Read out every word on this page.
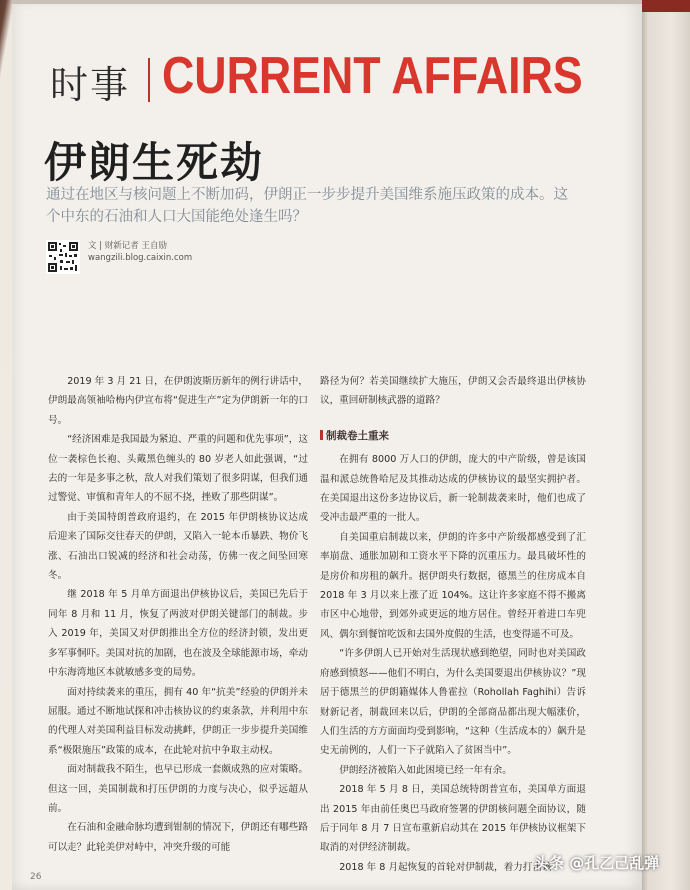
时事 CURRENT AFFAIRS
伊朗生死劫
通过在地区与核问题上不断加码，伊朗正一步步提升美国维系施压政策的成本。这个中东的石油和人口大国能绝处逢生吗？
文 | 财新记者 王自励
wangzili.blog.caixin.com

2019 年 3 月 21 日，在伊朗波斯历新年的例行讲话中，伊朗最高领袖哈梅内伊宣布将“促进生产”定为伊朗新一年的口号。

“经济困难是我国最为紧迫、严重的问题和优先事项”，这位一袭棕色长袍、头戴黑色缠头的 80 岁老人如此强调，“过去的一年是多事之秋，敌人对我们策划了很多阴谋，但我们通过警觉、审慎和青年人的不屈不挠，挫败了那些阴谋”。

由于美国特朗普政府退约，在 2015 年伊朗核协议达成后迎来了国际交往春天的伊朗，又陷入一轮本币暴跌、物价飞涨、石油出口锐减的经济和社会动荡，仿佛一夜之间坠回寒冬。

继 2018 年 5 月单方面退出伊核协议后，美国已先后于同年 8 月和 11 月，恢复了两波对伊朗关键部门的制裁。步入 2019 年，美国又对伊朗推出全方位的经济封锁，发出更多军事恫吓。美国对抗的加剧，也在波及全球能源市场，牵动中东海湾地区本就敏感多变的局势。

面对持续袭来的重压，拥有 40 年“抗美”经验的伊朗并未屈服。通过不断地试探和冲击核协议的约束条款，并利用中东的代理人对美国利益目标发动挑衅，伊朗正一步步提升美国维系“极限施压”政策的成本，在此轮对抗中争取主动权。

面对制裁我不陌生，也早已形成一套颇成熟的应对策略。但这一回，美国制裁和打压伊朗的力度与决心，似乎远超从前。

在石油和金融命脉均遭到钳制的情况下，伊朗还有哪些路可以走？此轮美伊对峙中，冲突升级的可能

路径为何？若美国继续扩大施压，伊朗又会否最终退出伊核协议，重回研制核武器的道路？

制裁卷土重来

在拥有 8000 万人口的伊朗，庞大的中产阶级，曾是该国温和派总统鲁哈尼及其推动达成的伊核协议的最坚实拥护者。在美国退出这份多边协议后，新一轮制裁袭来时，他们也成了受冲击最严重的一批人。

自美国重启制裁以来，伊朗的许多中产阶级都感受到了汇率崩盘、通胀加剧和工资水平下降的沉重压力。最具破坏性的是房价和房租的飙升。据伊朗央行数据，德黑兰的住房成本自 2018 年 3 月以来上涨了近 104%。这让许多家庭不得不搬离市区中心地带，到郊外或更远的地方居住。曾经开着进口车兜风、偶尔到餐馆吃饭和去国外度假的生活，也变得遥不可及。

“许多伊朗人已开始对生活现状感到绝望，同时也对美国政府感到愤怒——他们不明白，为什么美国要退出伊核协议？”现居于德黑兰的伊朗籍媒体人鲁霍拉（Rohollah Faghihi）告诉财新记者，制裁回来以后，伊朗的全部商品都出现大幅涨价，人们生活的方方面面均受到影响，“这种（生活成本的）飙升是史无前例的，人们一下子就陷入了贫困当中”。

伊朗经济被陷入如此困境已经一年有余。

2018 年 5 月 8 日，美国总统特朗普宣布，美国单方面退出 2015 年由前任奥巴马政府签署的伊朗核问题全面协议，随后于同年 8 月 7 日宣布重新启动其在 2015 年伊核协议框架下取消的对伊经济制裁。

2018 年 8 月起恢复的首轮对伊制裁，着力打击该

26
头条 @孔乙己乱弹
